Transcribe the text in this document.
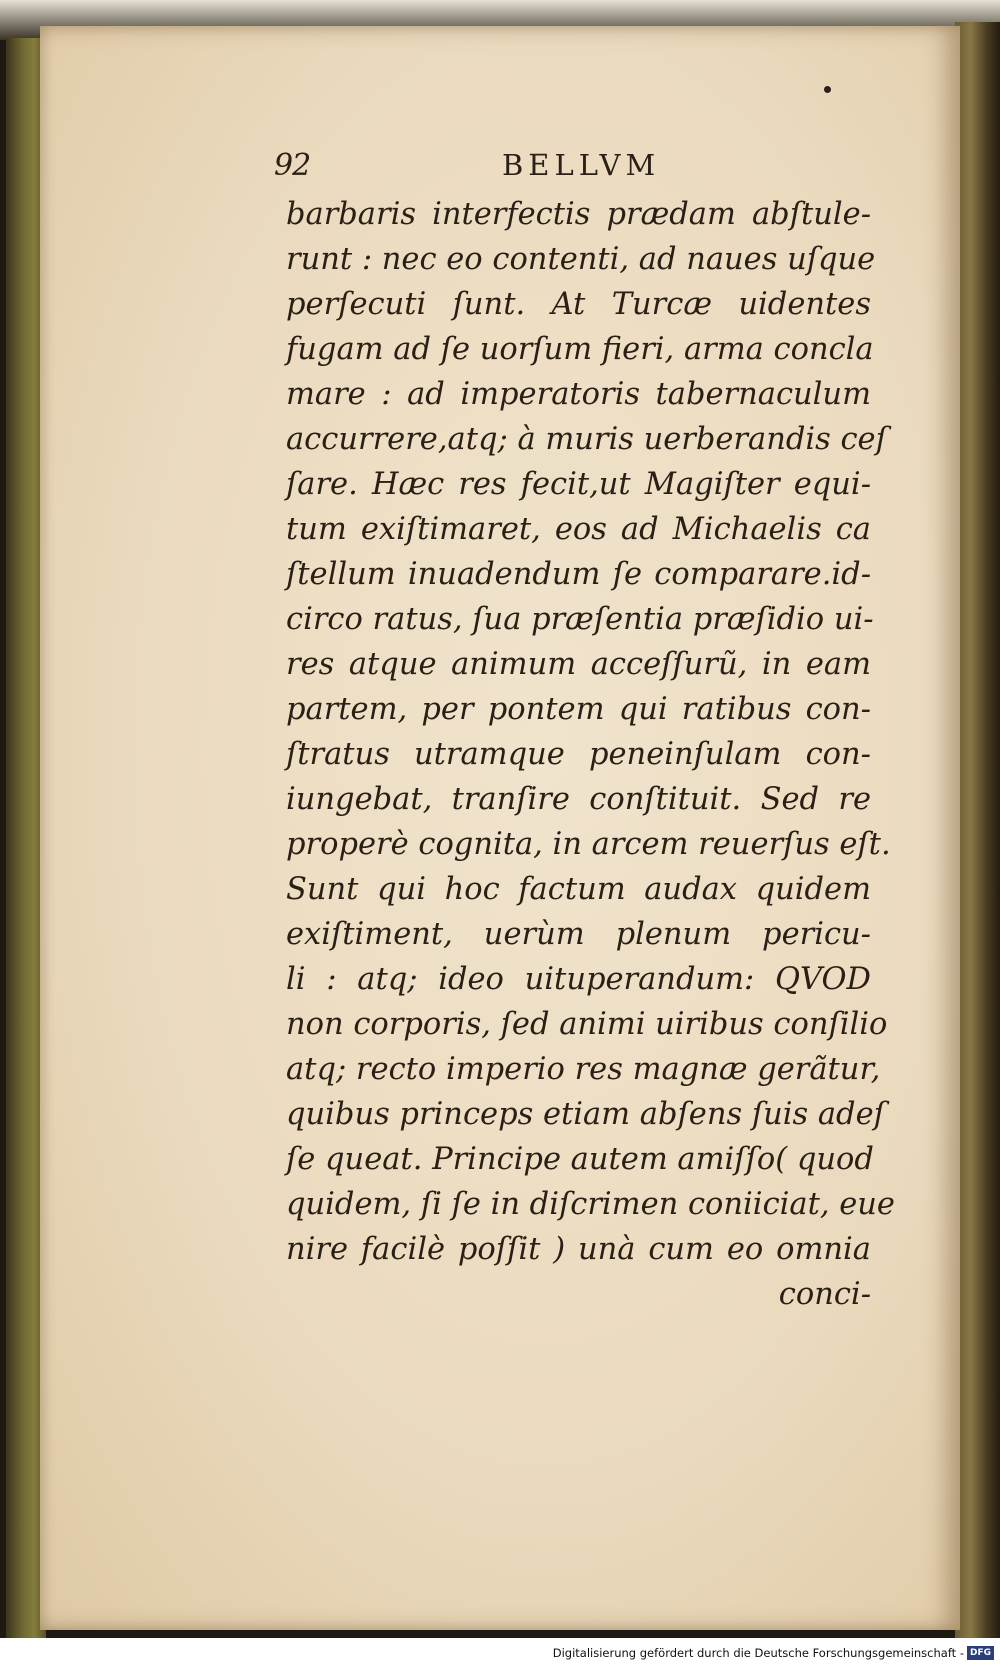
92	BELLVM
barbaris interfectis prædam abſtule-
runt : nec eo contenti, ad naues uſque
perſecuti ſunt. At Turcæ uidentes
fugam ad ſe uorſum fieri, arma concla
mare : ad imperatoris tabernaculum
accurrere,atq; à muris uerberandis ceſ
ſare. Hæc res fecit,ut Magiſter equi-
tum exiſtimaret, eos ad Michaelis ca
ſtellum inuadendum ſe comparare.id-
circo ratus, ſua præſentia præſidio ui-
res atque animum acceſſurũ, in eam
partem, per pontem qui ratibus con-
ſtratus utramque peneinſulam con-
iungebat, tranſire conſtituit. Sed re
properè cognita, in arcem reuerſus eſt.
Sunt qui hoc factum audax quidem
exiſtiment, uerùm plenum pericu-
li : atq; ideo uituperandum: QVOD
non corporis, ſed animi uiribus conſilio
atq; recto imperio res magnæ gerãtur,
quibus princeps etiam abſens ſuis adeſ
ſe queat. Principe autem amiſſo( quod
quidem, ſi ſe in diſcrimen coniiciat, eue
nire facilè poſſit ) unà cum eo omnia
conci-
Digitalisierung gefördert durch die Deutsche Forschungsgemeinschaft - DFG
